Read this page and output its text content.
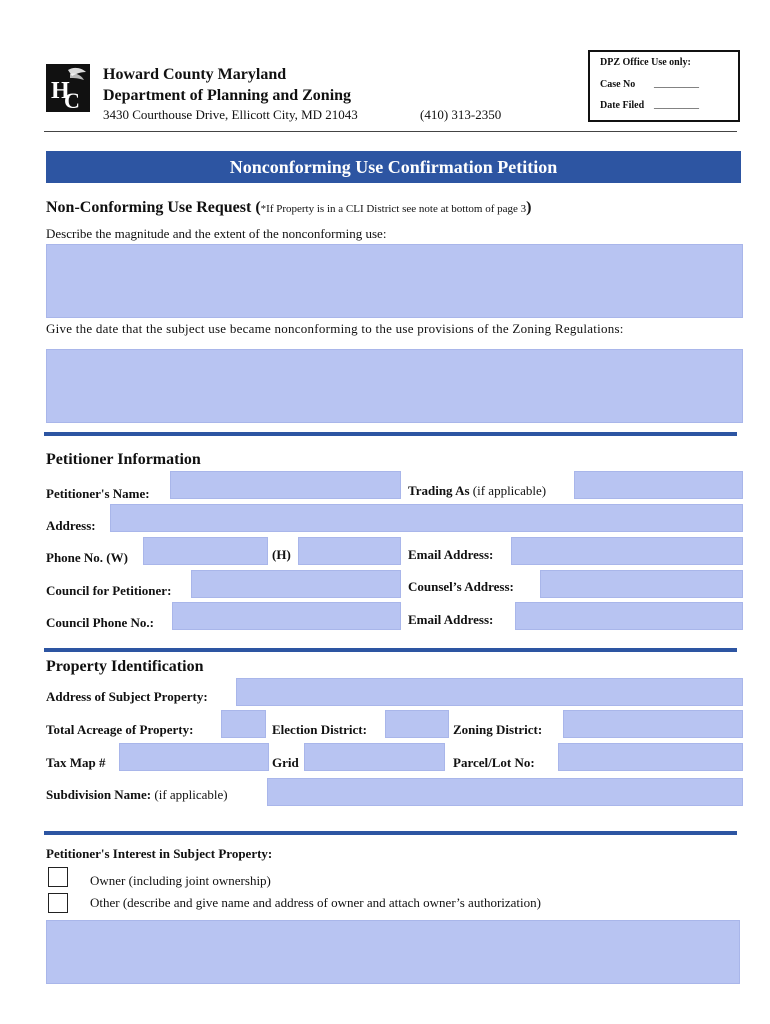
H
C
Howard County Maryland
Department of Planning and Zoning
3430 Courthouse Drive, Ellicott City, MD 21043	(410) 313-2350
DPZ Office Use only:
Case No _________
Date Filed _________
Nonconforming Use Confirmation Petition
Non-Conforming Use Request (*If Property is in a CLI District see note at bottom of page 3)
Describe the magnitude and the extent of the nonconforming use:
Give the date that the subject use became nonconforming to the use provisions of the Zoning Regulations:
Petitioner Information
Petitioner's Name:	Trading As (if applicable)
Address:
Phone No. (W)	(H)	Email Address:
Council for Petitioner:	Counsel’s Address:
Council Phone No.:	Email Address:
Property Identification
Address of Subject Property:
Total Acreage of Property:	Election District:	Zoning District:
Tax Map #	Grid	Parcel/Lot No:
Subdivision Name: (if applicable)
Petitioner's Interest in Subject Property:
Owner (including joint ownership)
Other (describe and give name and address of owner and attach owner’s authorization)
